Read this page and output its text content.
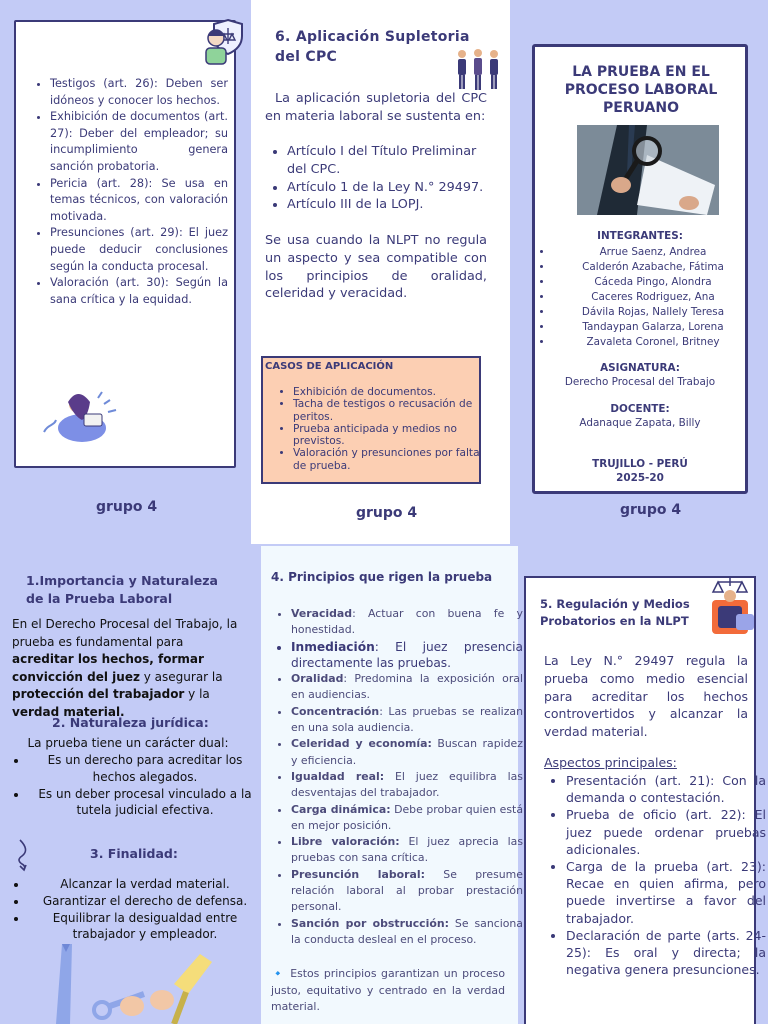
• Testigos (art. 26): Deben ser idóneos y conocer los hechos.
• Exhibición de documentos (art. 27): Deber del empleador; su incumplimiento genera sanción probatoria.
• Pericia (art. 28): Se usa en temas técnicos, con valoración motivada.
• Presunciones (art. 29): El juez puede deducir conclusiones según la conducta procesal.
• Valoración (art. 30): Según la sana crítica y la equidad.
grupo 4
6. Aplicación Supletoria del CPC
La aplicación supletoria del CPC en materia laboral se sustenta en:
• Artículo I del Título Preliminar del CPC.
• Artículo 1 de la Ley N.° 29497.
• Artículo III de la LOPJ.
Se usa cuando la NLPT no regula un aspecto y sea compatible con los principios de oralidad, celeridad y veracidad.
CASOS DE APLICACIÓN
• Exhibición de documentos.
• Tacha de testigos o recusación de peritos.
• Prueba anticipada y medios no previstos.
• Valoración y presunciones por falta de prueba.
grupo 4
LA PRUEBA EN EL PROCESO LABORAL PERUANO
INTEGRANTES:
• Arrue Saenz, Andrea
• Calderón Azabache, Fátima
• Cáceda Pingo, Alondra
• Caceres Rodriguez, Ana
• Dávila Rojas, Nallely Teresa
• Tandaypan Galarza, Lorena
• Zavaleta Coronel, Britney
ASIGNATURA:
Derecho Procesal del Trabajo
DOCENTE:
Adanaque Zapata, Billy
TRUJILLO - PERÚ
2025-20
grupo 4
1.Importancia y Naturaleza de la Prueba Laboral
En el Derecho Procesal del Trabajo, la prueba es fundamental para acreditar los hechos, formar convicción del juez y asegurar la protección del trabajador y la verdad material.
2. Naturaleza jurídica:
La prueba tiene un carácter dual:
• Es un derecho para acreditar los hechos alegados.
• Es un deber procesal vinculado a la tutela judicial efectiva.
3. Finalidad:
• Alcanzar la verdad material.
• Garantizar el derecho de defensa.
• Equilibrar la desigualdad entre trabajador y empleador.
4. Principios que rigen la prueba
• Veracidad: Actuar con buena fe y honestidad.
• Inmediación: El juez presencia directamente las pruebas.
• Oralidad: Predomina la exposición oral en audiencias.
• Concentración: Las pruebas se realizan en una sola audiencia.
• Celeridad y economía: Buscan rapidez y eficiencia.
• Igualdad real: El juez equilibra las desventajas del trabajador.
• Carga dinámica: Debe probar quien está en mejor posición.
• Libre valoración: El juez aprecia las pruebas con sana crítica.
• Presunción laboral: Se presume relación laboral al probar prestación personal.
• Sanción por obstrucción: Se sanciona la conducta desleal en el proceso.
🔹 Estos principios garantizan un proceso justo, equitativo y centrado en la verdad material.
5. Regulación y Medios Probatorios en la NLPT
La Ley N.° 29497 regula la prueba como medio esencial para acreditar los hechos controvertidos y alcanzar la verdad material.
Aspectos principales:
• Presentación (art. 21): Con la demanda o contestación.
• Prueba de oficio (art. 22): El juez puede ordenar pruebas adicionales.
• Carga de la prueba (art. 23): Recae en quien afirma, pero puede invertirse a favor del trabajador.
• Declaración de parte (arts. 24-25): Es oral y directa; la negativa genera presunciones.
